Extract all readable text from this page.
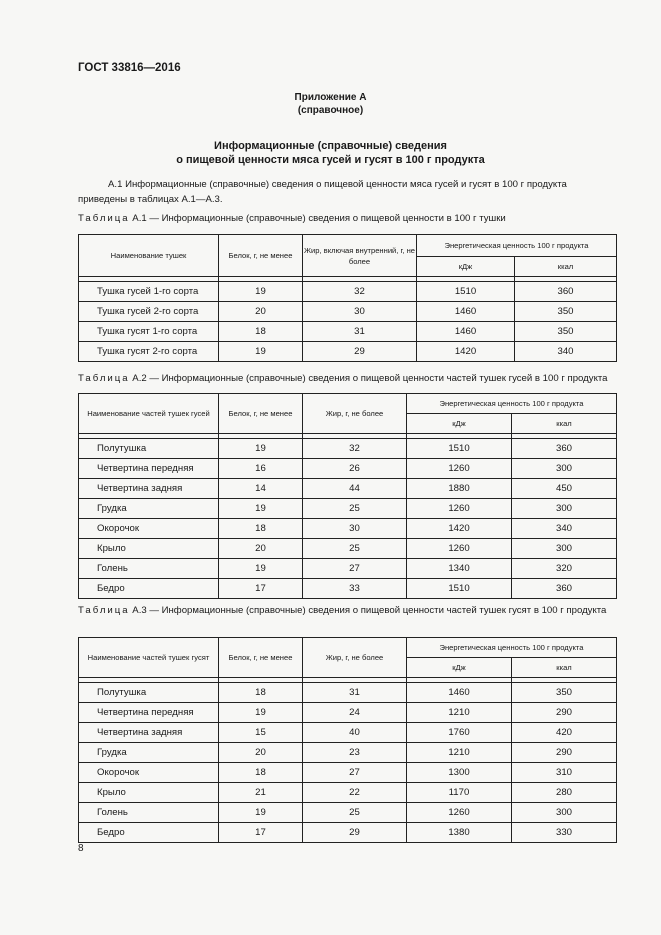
ГОСТ 33816—2016
Приложение А
(справочное)
Информационные (справочные) сведения
о пищевой ценности мяса гусей и гусят в 100 г продукта
А.1 Информационные (справочные) сведения о пищевой ценности мяса гусей и гусят в 100 г продукта приведены в таблицах А.1—А.3.
Таблица А.1 — Информационные (справочные) сведения о пищевой ценности в 100 г тушки
Наименование тушек	Белок, г, не менее	Жир, включая внутренний, г, не более	Энергетическая ценность 100 г продукта	
			кДж	ккал

Тушка гусей 1-го сорта	19	32	1510	360
Тушка гусей 2-го сорта	20	30	1460	350
Тушка гусят 1-го сорта	18	31	1460	350
Тушка гусят 2-го сорта	19	29	1420	340
Таблица А.2 — Информационные (справочные) сведения о пищевой ценности частей тушек гусей в 100 г продукта
Наименование частей тушек гусей	Белок, г, не менее	Жир, г, не более	Энергетическая ценность 100 г продукта	
			кДж	ккал

Полутушка	19	32	1510	360
Четвертина передняя	16	26	1260	300
Четвертина задняя	14	44	1880	450
Грудка	19	25	1260	300
Окорочок	18	30	1420	340
Крыло	20	25	1260	300
Голень	19	27	1340	320
Бедро	17	33	1510	360
Таблица А.3 — Информационные (справочные) сведения о пищевой ценности частей тушек гусят в 100 г продукта
Наименование частей тушек гусят	Белок, г, не менее	Жир, г, не более	Энергетическая ценность 100 г продукта	
			кДж	ккал

Полутушка	18	31	1460	350
Четвертина передняя	19	24	1210	290
Четвертина задняя	15	40	1760	420
Грудка	20	23	1210	290
Окорочок	18	27	1300	310
Крыло	21	22	1170	280
Голень	19	25	1260	300
Бедро	17	29	1380	330
8
